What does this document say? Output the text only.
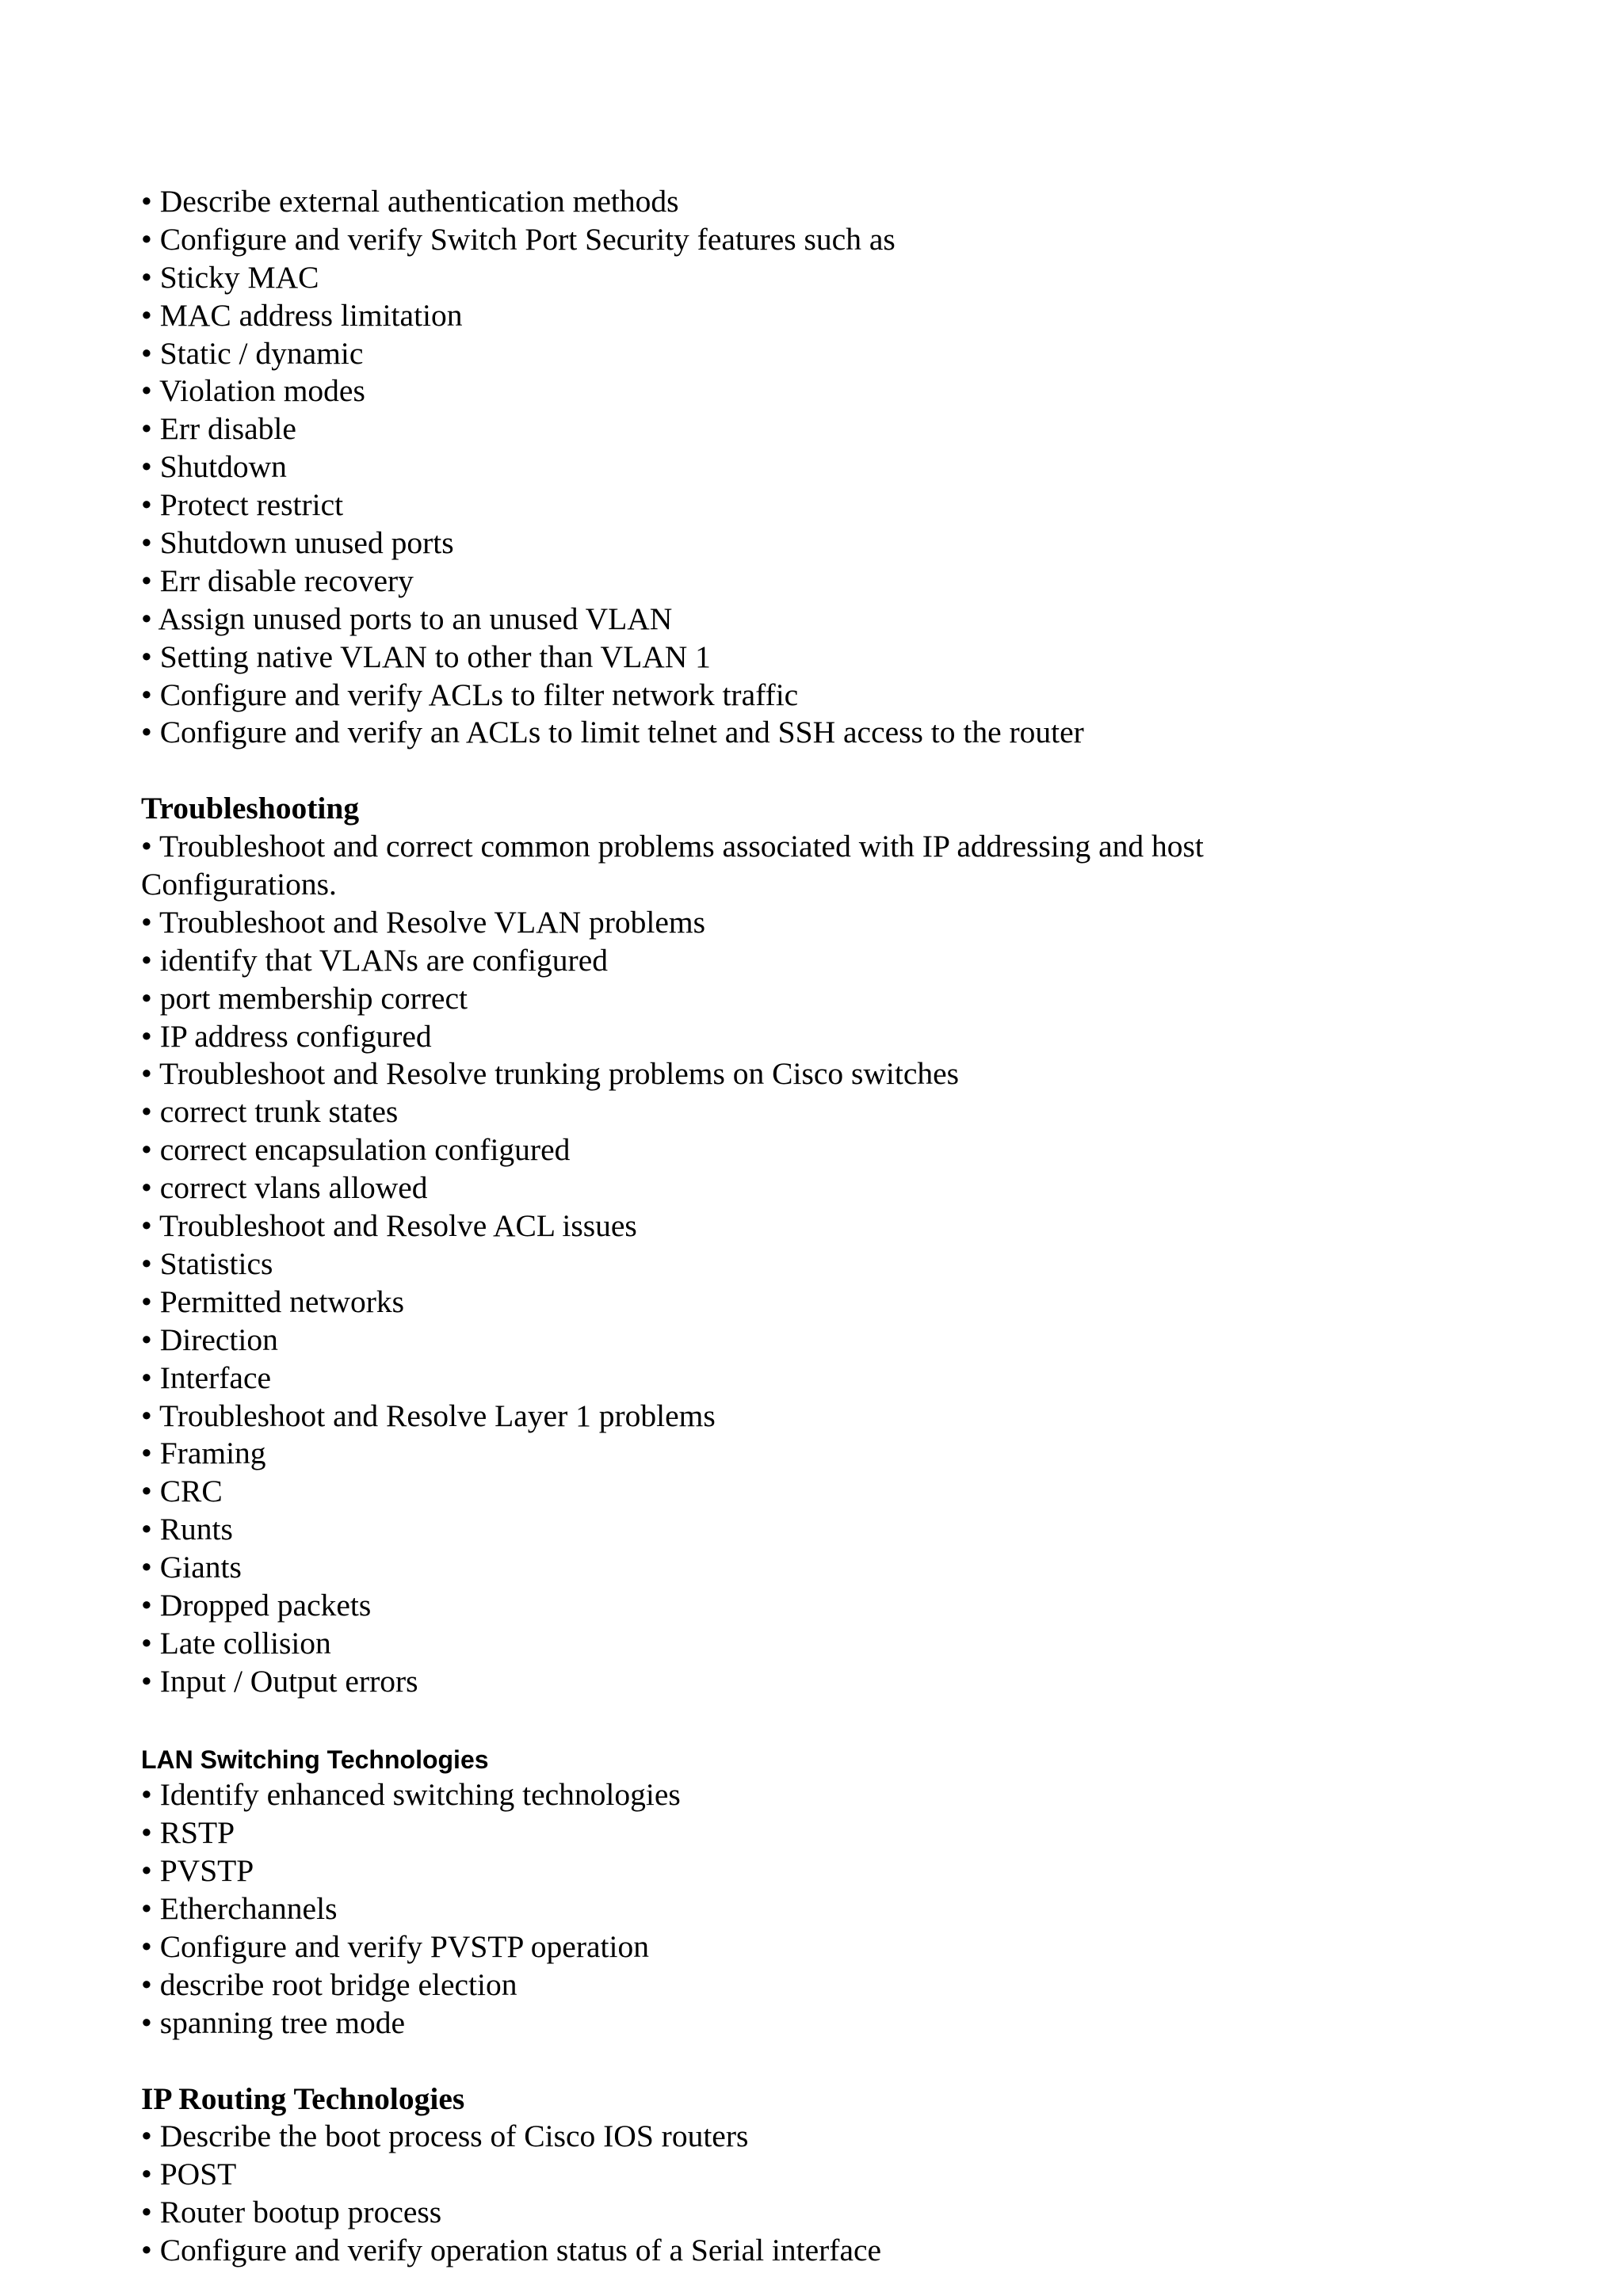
• Describe external authentication methods
• Configure and verify Switch Port Security features such as
• Sticky MAC
• MAC address limitation
• Static / dynamic
• Violation modes
• Err disable
• Shutdown
• Protect restrict
• Shutdown unused ports
• Err disable recovery
• Assign unused ports to an unused VLAN
• Setting native VLAN to other than VLAN 1
• Configure and verify ACLs to filter network traffic
• Configure and verify an ACLs to limit telnet and SSH access to the router
Troubleshooting
• Troubleshoot and correct common problems associated with IP addressing and host
Configurations.
• Troubleshoot and Resolve VLAN problems
• identify that VLANs are configured
• port membership correct
• IP address configured
• Troubleshoot and Resolve trunking problems on Cisco switches
• correct trunk states
• correct encapsulation configured
• correct vlans allowed
• Troubleshoot and Resolve ACL issues
• Statistics
• Permitted networks
• Direction
• Interface
• Troubleshoot and Resolve Layer 1 problems
• Framing
• CRC
• Runts
• Giants
• Dropped packets
• Late collision
• Input / Output errors
LAN Switching Technologies
• Identify enhanced switching technologies
• RSTP
• PVSTP
• Etherchannels
• Configure and verify PVSTP operation
• describe root bridge election
• spanning tree mode
IP Routing Technologies
• Describe the boot process of Cisco IOS routers
• POST
• Router bootup process
• Configure and verify operation status of a Serial interface
